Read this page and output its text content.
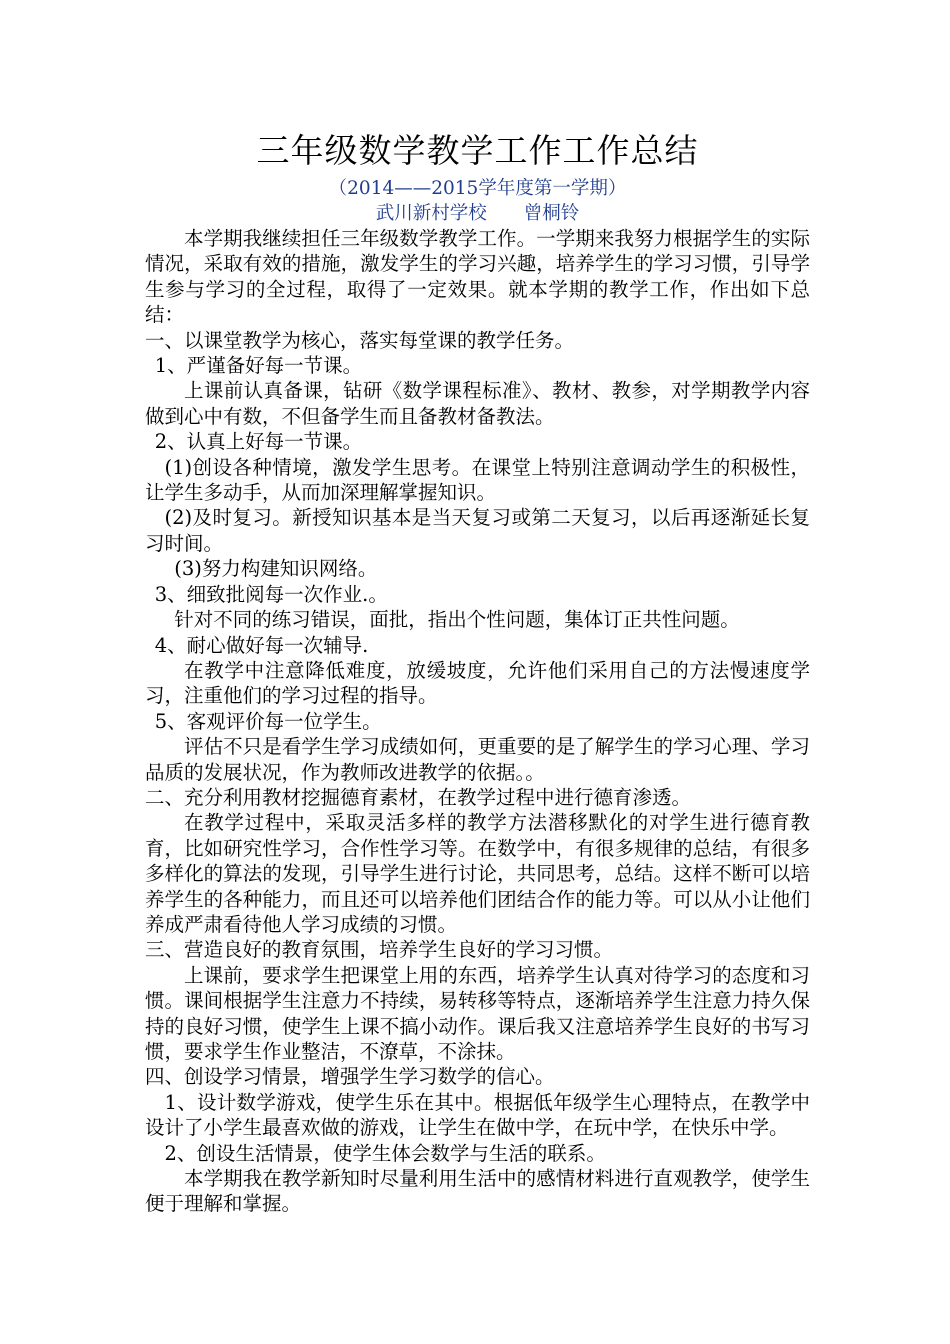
三年级数学教学工作工作总结
（2014——2015学年度第一学期）
武川新村学校　　曾桐铃

本学期我继续担任三年级数学教学工作。一学期来我努力根据学生的实际情况，采取有效的措施，激发学生的学习兴趣，培养学生的学习习惯，引导学生参与学习的全过程，取得了一定效果。就本学期的教学工作，作出如下总结：

一、以课堂教学为核心，落实每堂课的教学任务。

1、严谨备好每一节课。

上课前认真备课，钻研《数学课程标准》、教材、教参，对学期教学内容做到心中有数，不但备学生而且备教材备教法。

2、认真上好每一节课。

(1)创设各种情境，激发学生思考。在课堂上特别注意调动学生的积极性，让学生多动手，从而加深理解掌握知识。

(2)及时复习。新授知识基本是当天复习或第二天复习，以后再逐渐延长复习时间。

(3)努力构建知识网络。

3、细致批阅每一次作业.。

针对不同的练习错误，面批，指出个性问题，集体订正共性问题。

4、耐心做好每一次辅导.

在教学中注意降低难度，放缓坡度，允许他们采用自己的方法慢速度学习，注重他们的学习过程的指导。

5、客观评价每一位学生。

评估不只是看学生学习成绩如何，更重要的是了解学生的学习心理、学习品质的发展状况，作为教师改进教学的依据。。

二、充分利用教材挖掘德育素材，在教学过程中进行德育渗透。

在教学过程中，采取灵活多样的教学方法潜移默化的对学生进行德育教育，比如研究性学习，合作性学习等。在数学中，有很多规律的总结，有很多多样化的算法的发现，引导学生进行讨论，共同思考，总结。这样不断可以培养学生的各种能力，而且还可以培养他们团结合作的能力等。可以从小让他们养成严肃看待他人学习成绩的习惯。

三、营造良好的教育氛围，培养学生良好的学习习惯。

上课前，要求学生把课堂上用的东西，培养学生认真对待学习的态度和习惯。课间根据学生注意力不持续，易转移等特点，逐渐培养学生注意力持久保持的良好习惯，使学生上课不搞小动作。课后我又注意培养学生良好的书写习惯，要求学生作业整洁，不潦草，不涂抹。

四、创设学习情景，增强学生学习数学的信心。

1、设计数学游戏，使学生乐在其中。根据低年级学生心理特点，在教学中设计了小学生最喜欢做的游戏，让学生在做中学，在玩中学，在快乐中学。

2、创设生活情景，使学生体会数学与生活的联系。

本学期我在教学新知时尽量利用生活中的感情材料进行直观教学，使学生便于理解和掌握。
